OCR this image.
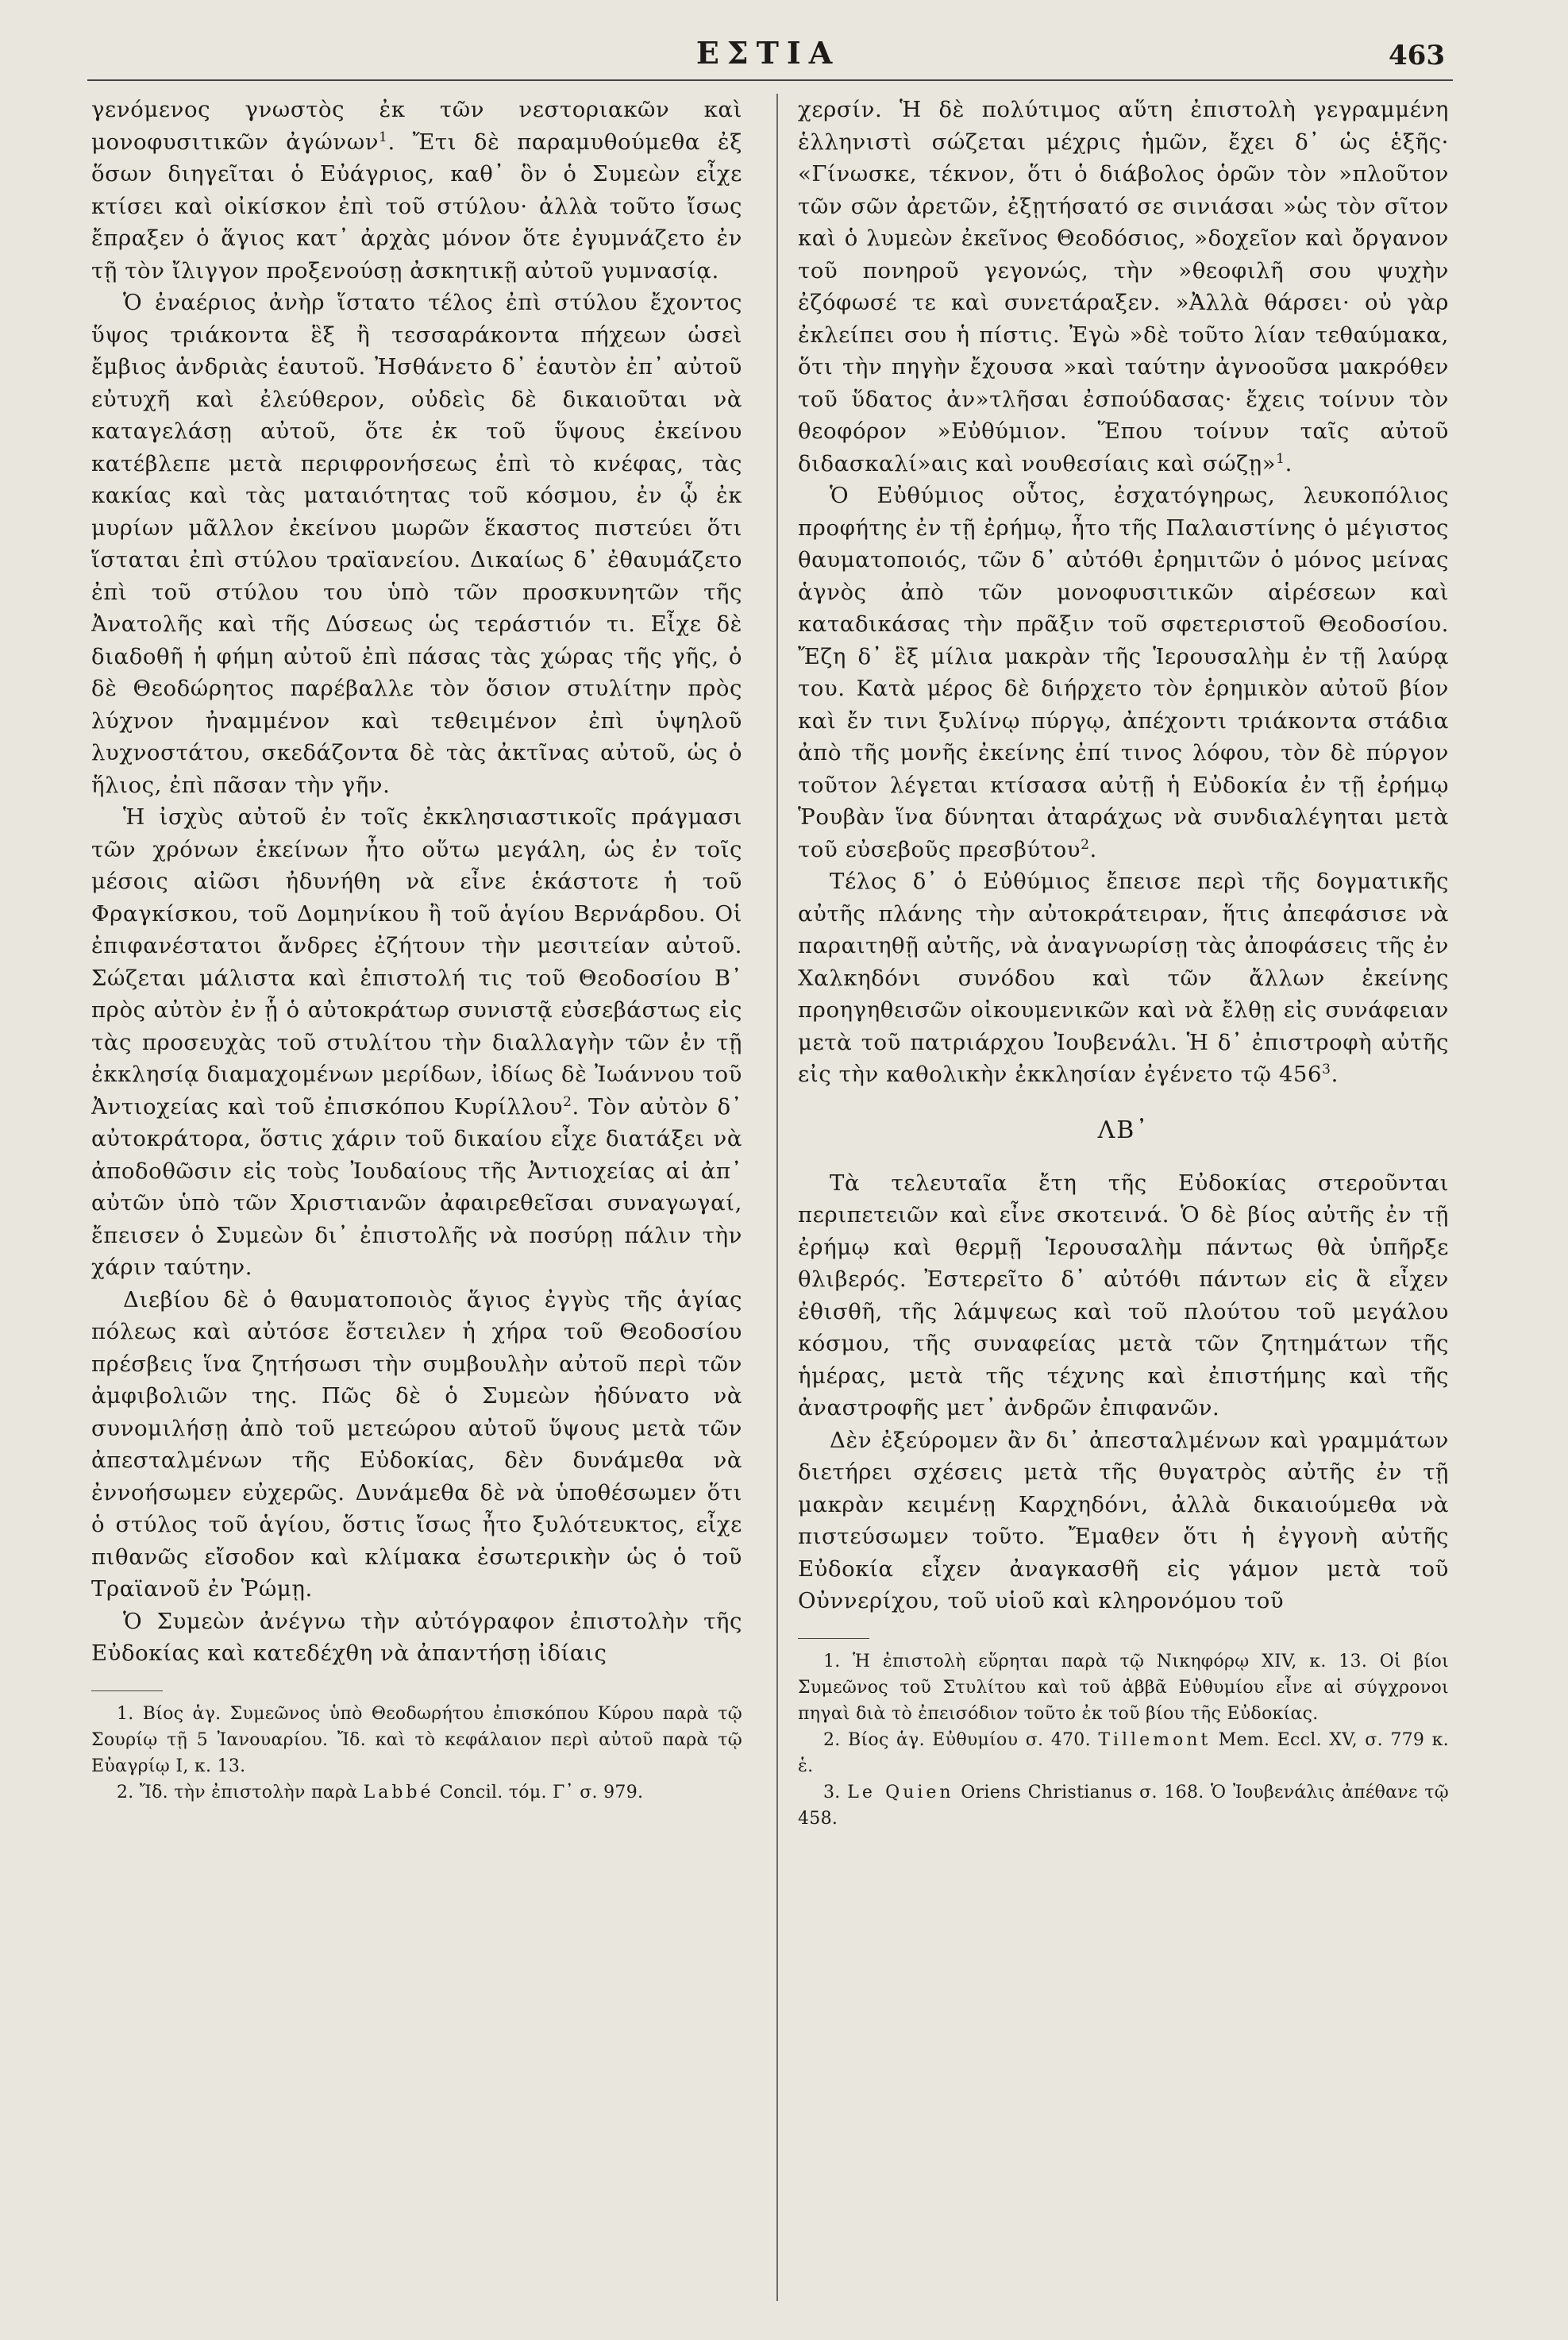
ΕΣΤΙΑ	463

γενόμενος γνωστὸς ἐκ τῶν νεστοριακῶν καὶ μονοφυσιτικῶν ἀγώνων$^1$. Ἔτι δὲ παραμυθούμεθα ἐξ ὅσων διηγεῖται ὁ Εὐάγριος, καθ᾽ ὃν ὁ Συμεὼν εἶχε κτίσει καὶ οἰκίσκον ἐπὶ τοῦ στύλου· ἀλλὰ τοῦτο ἴσως ἔπραξεν ὁ ἅγιος κατ᾽ ἀρχὰς μόνον ὅτε ἐγυμνάζετο ἐν τῇ τὸν ἴλιγγον προξενούσῃ ἀσκητικῇ αὐτοῦ γυμνασίᾳ.

Ὁ ἐναέριος ἀνὴρ ἵστατο τέλος ἐπὶ στύλου ἔχοντος ὕψος τριάκοντα ἓξ ἢ τεσσαράκοντα πήχεων ὡσεὶ ἔμβιος ἀνδριὰς ἑαυτοῦ. Ἠσθάνετο δ᾽ ἑαυτὸν ἐπ᾽ αὐτοῦ εὐτυχῆ καὶ ἐλεύθερον, οὐδεὶς δὲ δικαιοῦται νὰ καταγελάσῃ αὐτοῦ, ὅτε ἐκ τοῦ ὕψους ἐκείνου κατέβλεπε μετὰ περιφρονήσεως ἐπὶ τὸ κνέφας, τὰς κακίας καὶ τὰς ματαιότητας τοῦ κόσμου, ἐν ᾧ ἐκ μυρίων μᾶλλον ἐκείνου μωρῶν ἕκαστος πιστεύει ὅτι ἵσταται ἐπὶ στύλου τραϊανείου. Δικαίως δ᾽ ἐθαυμάζετο ἐπὶ τοῦ στύλου του ὑπὸ τῶν προσκυνητῶν τῆς Ἀνατολῆς καὶ τῆς Δύσεως ὡς τεράστιόν τι. Εἶχε δὲ διαδοθῆ ἡ φήμη αὐτοῦ ἐπὶ πάσας τὰς χώρας τῆς γῆς, ὁ δὲ Θεοδώρητος παρέβαλλε τὸν ὅσιον στυλίτην πρὸς λύχνον ἠναμμένον καὶ τεθειμένον ἐπὶ ὑψηλοῦ λυχνοστάτου, σκεδάζοντα δὲ τὰς ἀκτῖνας αὐτοῦ, ὡς ὁ ἥλιος, ἐπὶ πᾶσαν τὴν γῆν.

Ἡ ἰσχὺς αὐτοῦ ἐν τοῖς ἐκκλησιαστικοῖς πράγμασι τῶν χρόνων ἐκείνων ἦτο οὕτω μεγάλη, ὡς ἐν τοῖς μέσοις αἰῶσι ἠδυνήθη νὰ εἶνε ἑκάστοτε ἡ τοῦ Φραγκίσκου, τοῦ Δομηνίκου ἢ τοῦ ἁγίου Βερνάρδου. Οἱ ἐπιφανέστατοι ἄνδρες ἐζήτουν τὴν μεσιτείαν αὐτοῦ. Σώζεται μάλιστα καὶ ἐπιστολή τις τοῦ Θεοδοσίου Β᾽ πρὸς αὐτὸν ἐν ᾗ ὁ αὐτοκράτωρ συνιστᾷ εὐσεβάστως εἰς τὰς προσευχὰς τοῦ στυλίτου τὴν διαλλαγὴν τῶν ἐν τῇ ἐκκλησίᾳ διαμαχομένων μερίδων, ἰδίως δὲ Ἰωάννου τοῦ Ἀντιοχείας καὶ τοῦ ἐπισκόπου Κυρίλλου$^2$. Τὸν αὐτὸν δ᾽ αὐτοκράτορα, ὅστις χάριν τοῦ δικαίου εἶχε διατάξει νὰ ἀποδοθῶσιν εἰς τοὺς Ἰουδαίους τῆς Ἀντιοχείας αἱ ἀπ᾽ αὐτῶν ὑπὸ τῶν Χριστιανῶν ἀφαιρεθεῖσαι συναγωγαί, ἔπεισεν ὁ Συμεὼν δι᾽ ἐπιστολῆς νὰ ποσύρῃ πάλιν τὴν χάριν ταύτην.

Διεβίου δὲ ὁ θαυματοποιὸς ἅγιος ἐγγὺς τῆς ἁγίας πόλεως καὶ αὐτόσε ἔστειλεν ἡ χήρα τοῦ Θεοδοσίου πρέσβεις ἵνα ζητήσωσι τὴν συμβουλὴν αὐτοῦ περὶ τῶν ἀμφιβολιῶν της. Πῶς δὲ ὁ Συμεὼν ἠδύνατο νὰ συνομιλήσῃ ἀπὸ τοῦ μετεώρου αὐτοῦ ὕψους μετὰ τῶν ἀπεσταλμένων τῆς Εὐδοκίας, δὲν δυνάμεθα νὰ ἐννοήσωμεν εὐχερῶς. Δυνάμεθα δὲ νὰ ὑποθέσωμεν ὅτι ὁ στύλος τοῦ ἁγίου, ὅστις ἴσως ἦτο ξυλότευκτος, εἶχε πιθανῶς εἴσοδον καὶ κλίμακα ἐσωτερικὴν ὡς ὁ τοῦ Τραϊανοῦ ἐν Ῥώμῃ.

Ὁ Συμεὼν ἀνέγνω τὴν αὐτόγραφον ἐπιστολὴν τῆς Εὐδοκίας καὶ κατεδέχθη νὰ ἀπαντήσῃ ἰδίαις

1. Βίος ἁγ. Συμεῶνος ὑπὸ Θεοδωρήτου ἐπισκόπου Κύρου παρὰ τῷ Σουρίῳ τῇ 5 Ἰανουαρίου. Ἴδ. καὶ τὸ κεφάλαιον περὶ αὐτοῦ παρὰ τῷ Εὐαγρίῳ I, κ. 13.

2. Ἴδ. τὴν ἐπιστολὴν παρὰ Labbé Concil. τόμ. Γ᾽ σ. 979.

χερσίν. Ἡ δὲ πολύτιμος αὕτη ἐπιστολὴ γεγραμμένη ἑλληνιστὶ σώζεται μέχρις ἡμῶν, ἔχει δ᾽ ὡς ἑξῆς· «Γίνωσκε, τέκνον, ὅτι ὁ διάβολος ὁρῶν τὸν »πλοῦτον τῶν σῶν ἀρετῶν, ἐξῃτήσατό σε σινιάσαι »ὡς τὸν σῖτον καὶ ὁ λυμεὼν ἐκεῖνος Θεοδόσιος, »δοχεῖον καὶ ὄργανον τοῦ πονηροῦ γεγονώς, τὴν »θεοφιλῆ σου ψυχὴν ἐζόφωσέ τε καὶ συνετάραξεν. »Ἀλλὰ θάρσει· οὐ γὰρ ἐκλείπει σου ἡ πίστις. Ἐγὼ »δὲ τοῦτο λίαν τεθαύμακα, ὅτι τὴν πηγὴν ἔχουσα »καὶ ταύτην ἀγνοοῦσα μακρόθεν τοῦ ὕδατος ἀν»τλῆσαι ἐσπούδασας· ἔχεις τοίνυν τὸν θεοφόρον »Εὐθύμιον. Ἕπου τοίνυν ταῖς αὐτοῦ διδασκαλί»αις καὶ νουθεσίαις καὶ σώζῃ»$^1$.

Ὁ Εὐθύμιος οὗτος, ἐσχατόγηρως, λευκοπόλιος προφήτης ἐν τῇ ἐρήμῳ, ἦτο τῆς Παλαιστίνης ὁ μέγιστος θαυματοποιός, τῶν δ᾽ αὐτόθι ἐρημιτῶν ὁ μόνος μείνας ἁγνὸς ἀπὸ τῶν μονοφυσιτικῶν αἱρέσεων καὶ καταδικάσας τὴν πρᾶξιν τοῦ σφετεριστοῦ Θεοδοσίου. Ἔζη δ᾽ ἓξ μίλια μακρὰν τῆς Ἱερουσαλὴμ ἐν τῇ λαύρᾳ του. Κατὰ μέρος δὲ διήρχετο τὸν ἐρημικὸν αὐτοῦ βίον καὶ ἔν τινι ξυλίνῳ πύργῳ, ἀπέχοντι τριάκοντα στάδια ἀπὸ τῆς μονῆς ἐκείνης ἐπί τινος λόφου, τὸν δὲ πύργον τοῦτον λέγεται κτίσασα αὐτῇ ἡ Εὐδοκία ἐν τῇ ἐρήμῳ Ῥουβὰν ἵνα δύνηται ἀταράχως νὰ συνδιαλέγηται μετὰ τοῦ εὐσεβοῦς πρεσβύτου$^2$.

Τέλος δ᾽ ὁ Εὐθύμιος ἔπεισε περὶ τῆς δογματικῆς αὐτῆς πλάνης τὴν αὐτοκράτειραν, ἥτις ἀπεφάσισε νὰ παραιτηθῇ αὐτῆς, νὰ ἀναγνωρίσῃ τὰς ἀποφάσεις τῆς ἐν Χαλκηδόνι συνόδου καὶ τῶν ἄλλων ἐκείνης προηγηθεισῶν οἰκουμενικῶν καὶ νὰ ἔλθῃ εἰς συνάφειαν μετὰ τοῦ πατριάρχου Ἰουβενάλι. Ἡ δ᾽ ἐπιστροφὴ αὐτῆς εἰς τὴν καθολικὴν ἐκκλησίαν ἐγένετο τῷ $456^3$.

ΛΒ᾽

Τὰ τελευταῖα ἔτη τῆς Εὐδοκίας στεροῦνται περιπετειῶν καὶ εἶνε σκοτεινά. Ὁ δὲ βίος αὐτῆς ἐν τῇ ἐρήμῳ καὶ θερμῇ Ἱερουσαλὴμ πάντως θὰ ὑπῆρξε θλιβερός. Ἐστερεῖτο δ᾽ αὐτόθι πάντων εἰς ἃ εἶχεν ἐθισθῆ, τῆς λάμψεως καὶ τοῦ πλούτου τοῦ μεγάλου κόσμου, τῆς συναφείας μετὰ τῶν ζητημάτων τῆς ἡμέρας, μετὰ τῆς τέχνης καὶ ἐπιστήμης καὶ τῆς ἀναστροφῆς μετ᾽ ἀνδρῶν ἐπιφανῶν.

Δὲν ἐξεύρομεν ἂν δι᾽ ἀπεσταλμένων καὶ γραμμάτων διετήρει σχέσεις μετὰ τῆς θυγατρὸς αὐτῆς ἐν τῇ μακρὰν κειμένῃ Καρχηδόνι, ἀλλὰ δικαιούμεθα νὰ πιστεύσωμεν τοῦτο. Ἔμαθεν ὅτι ἡ ἐγγονὴ αὐτῆς Εὐδοκία εἶχεν ἀναγκασθῆ εἰς γάμον μετὰ τοῦ Οὐννερίχου, τοῦ υἱοῦ καὶ κληρονόμου τοῦ

1. Ἡ ἐπιστολὴ εὕρηται παρὰ τῷ Νικηφόρῳ XIV, κ. 13. Οἱ βίοι Συμεῶνος τοῦ Στυλίτου καὶ τοῦ ἀββᾶ Εὐθυμίου εἶνε αἱ σύγχρονοι πηγαὶ διὰ τὸ ἐπεισόδιον τοῦτο ἐκ τοῦ βίου τῆς Εὐδοκίας.

2. Βίος ἁγ. Εὐθυμίου σ. 470. Tillemont Mem. Eccl. XV, σ. 779 κ. ἑ.

3. Le Quien Oriens Christianus σ. 168. Ὁ Ἰουβενάλις ἀπέθανε τῷ 458.
